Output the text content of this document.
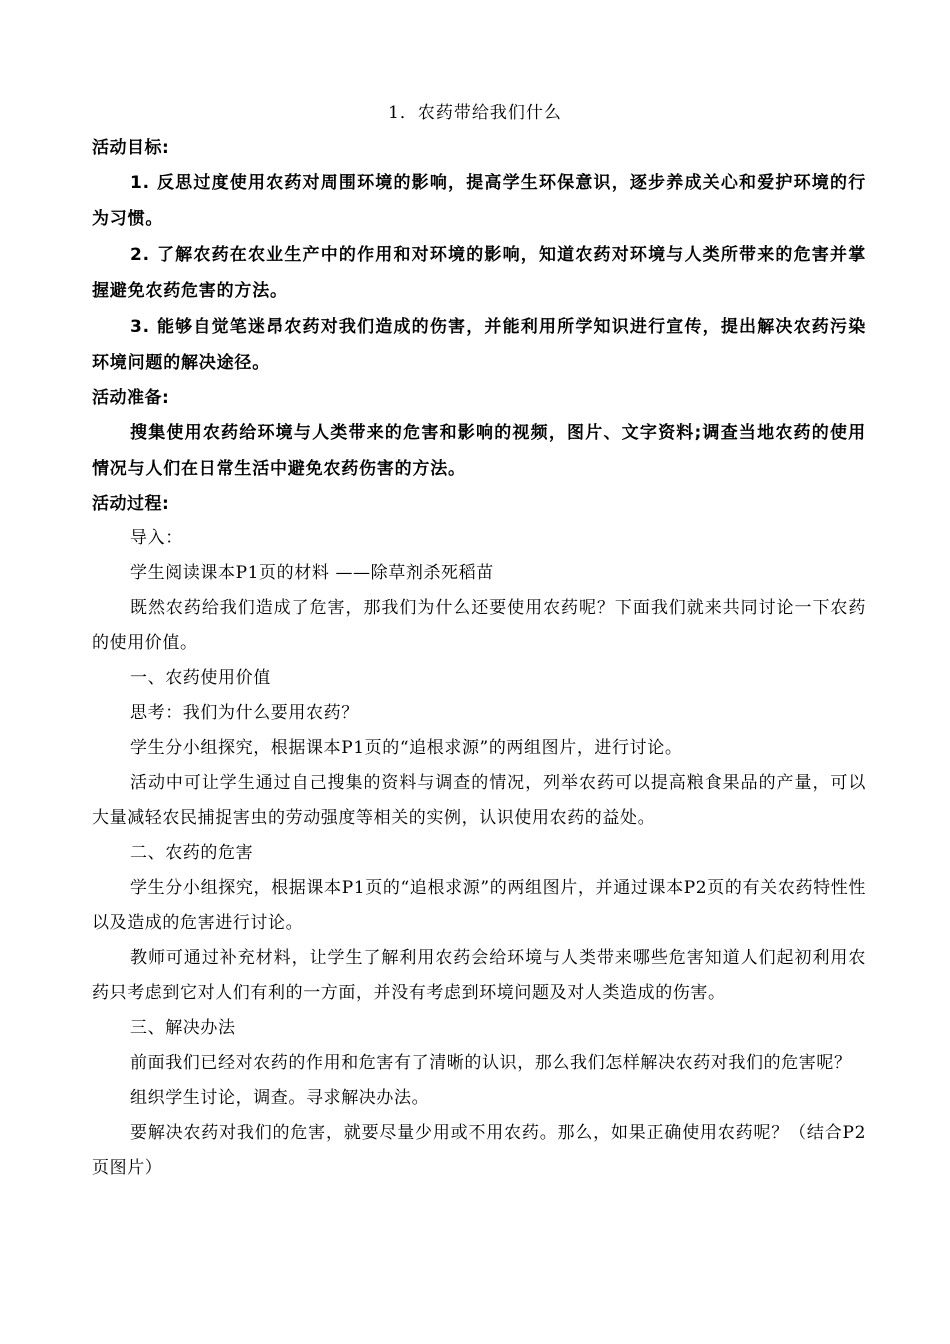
1．农药带给我们什么
活动目标:
1. 反思过度使用农药对周围环境的影响，提高学生环保意识，逐步养成关心和爱护环境的行为习惯。
2. 了解农药在农业生产中的作用和对环境的影响，知道农药对环境与人类所带来的危害并掌握避免农药危害的方法。
3. 能够自觉笔迷昂农药对我们造成的伤害，并能利用所学知识进行宣传，提出解决农药污染环境问题的解决途径。
活动准备:
搜集使用农药给环境与人类带来的危害和影响的视频，图片、文字资料;调查当地农药的使用情况与人们在日常生活中避免农药伤害的方法。
活动过程:
导入：
学生阅读课本P1页的材料 ——除草剂杀死稻苗
既然农药给我们造成了危害，那我们为什么还要使用农药呢？下面我们就来共同讨论一下农药的使用价值。
一、农药使用价值
思考：我们为什么要用农药？
学生分小组探究，根据课本P1页的“追根求源”的两组图片，进行讨论。
活动中可让学生通过自己搜集的资料与调查的情况，列举农药可以提高粮食果品的产量，可以大量减轻农民捕捉害虫的劳动强度等相关的实例，认识使用农药的益处。
二、农药的危害
学生分小组探究，根据课本P1页的“追根求源”的两组图片，并通过课本P2页的有关农药特性性以及造成的危害进行讨论。
教师可通过补充材料，让学生了解利用农药会给环境与人类带来哪些危害知道人们起初利用农药只考虑到它对人们有利的一方面，并没有考虑到环境问题及对人类造成的伤害。
三、解决办法
前面我们已经对农药的作用和危害有了清晰的认识，那么我们怎样解决农药对我们的危害呢？
组织学生讨论，调查。寻求解决办法。
要解决农药对我们的危害，就要尽量少用或不用农药。那么，如果正确使用农药呢？（结合P2页图片）
